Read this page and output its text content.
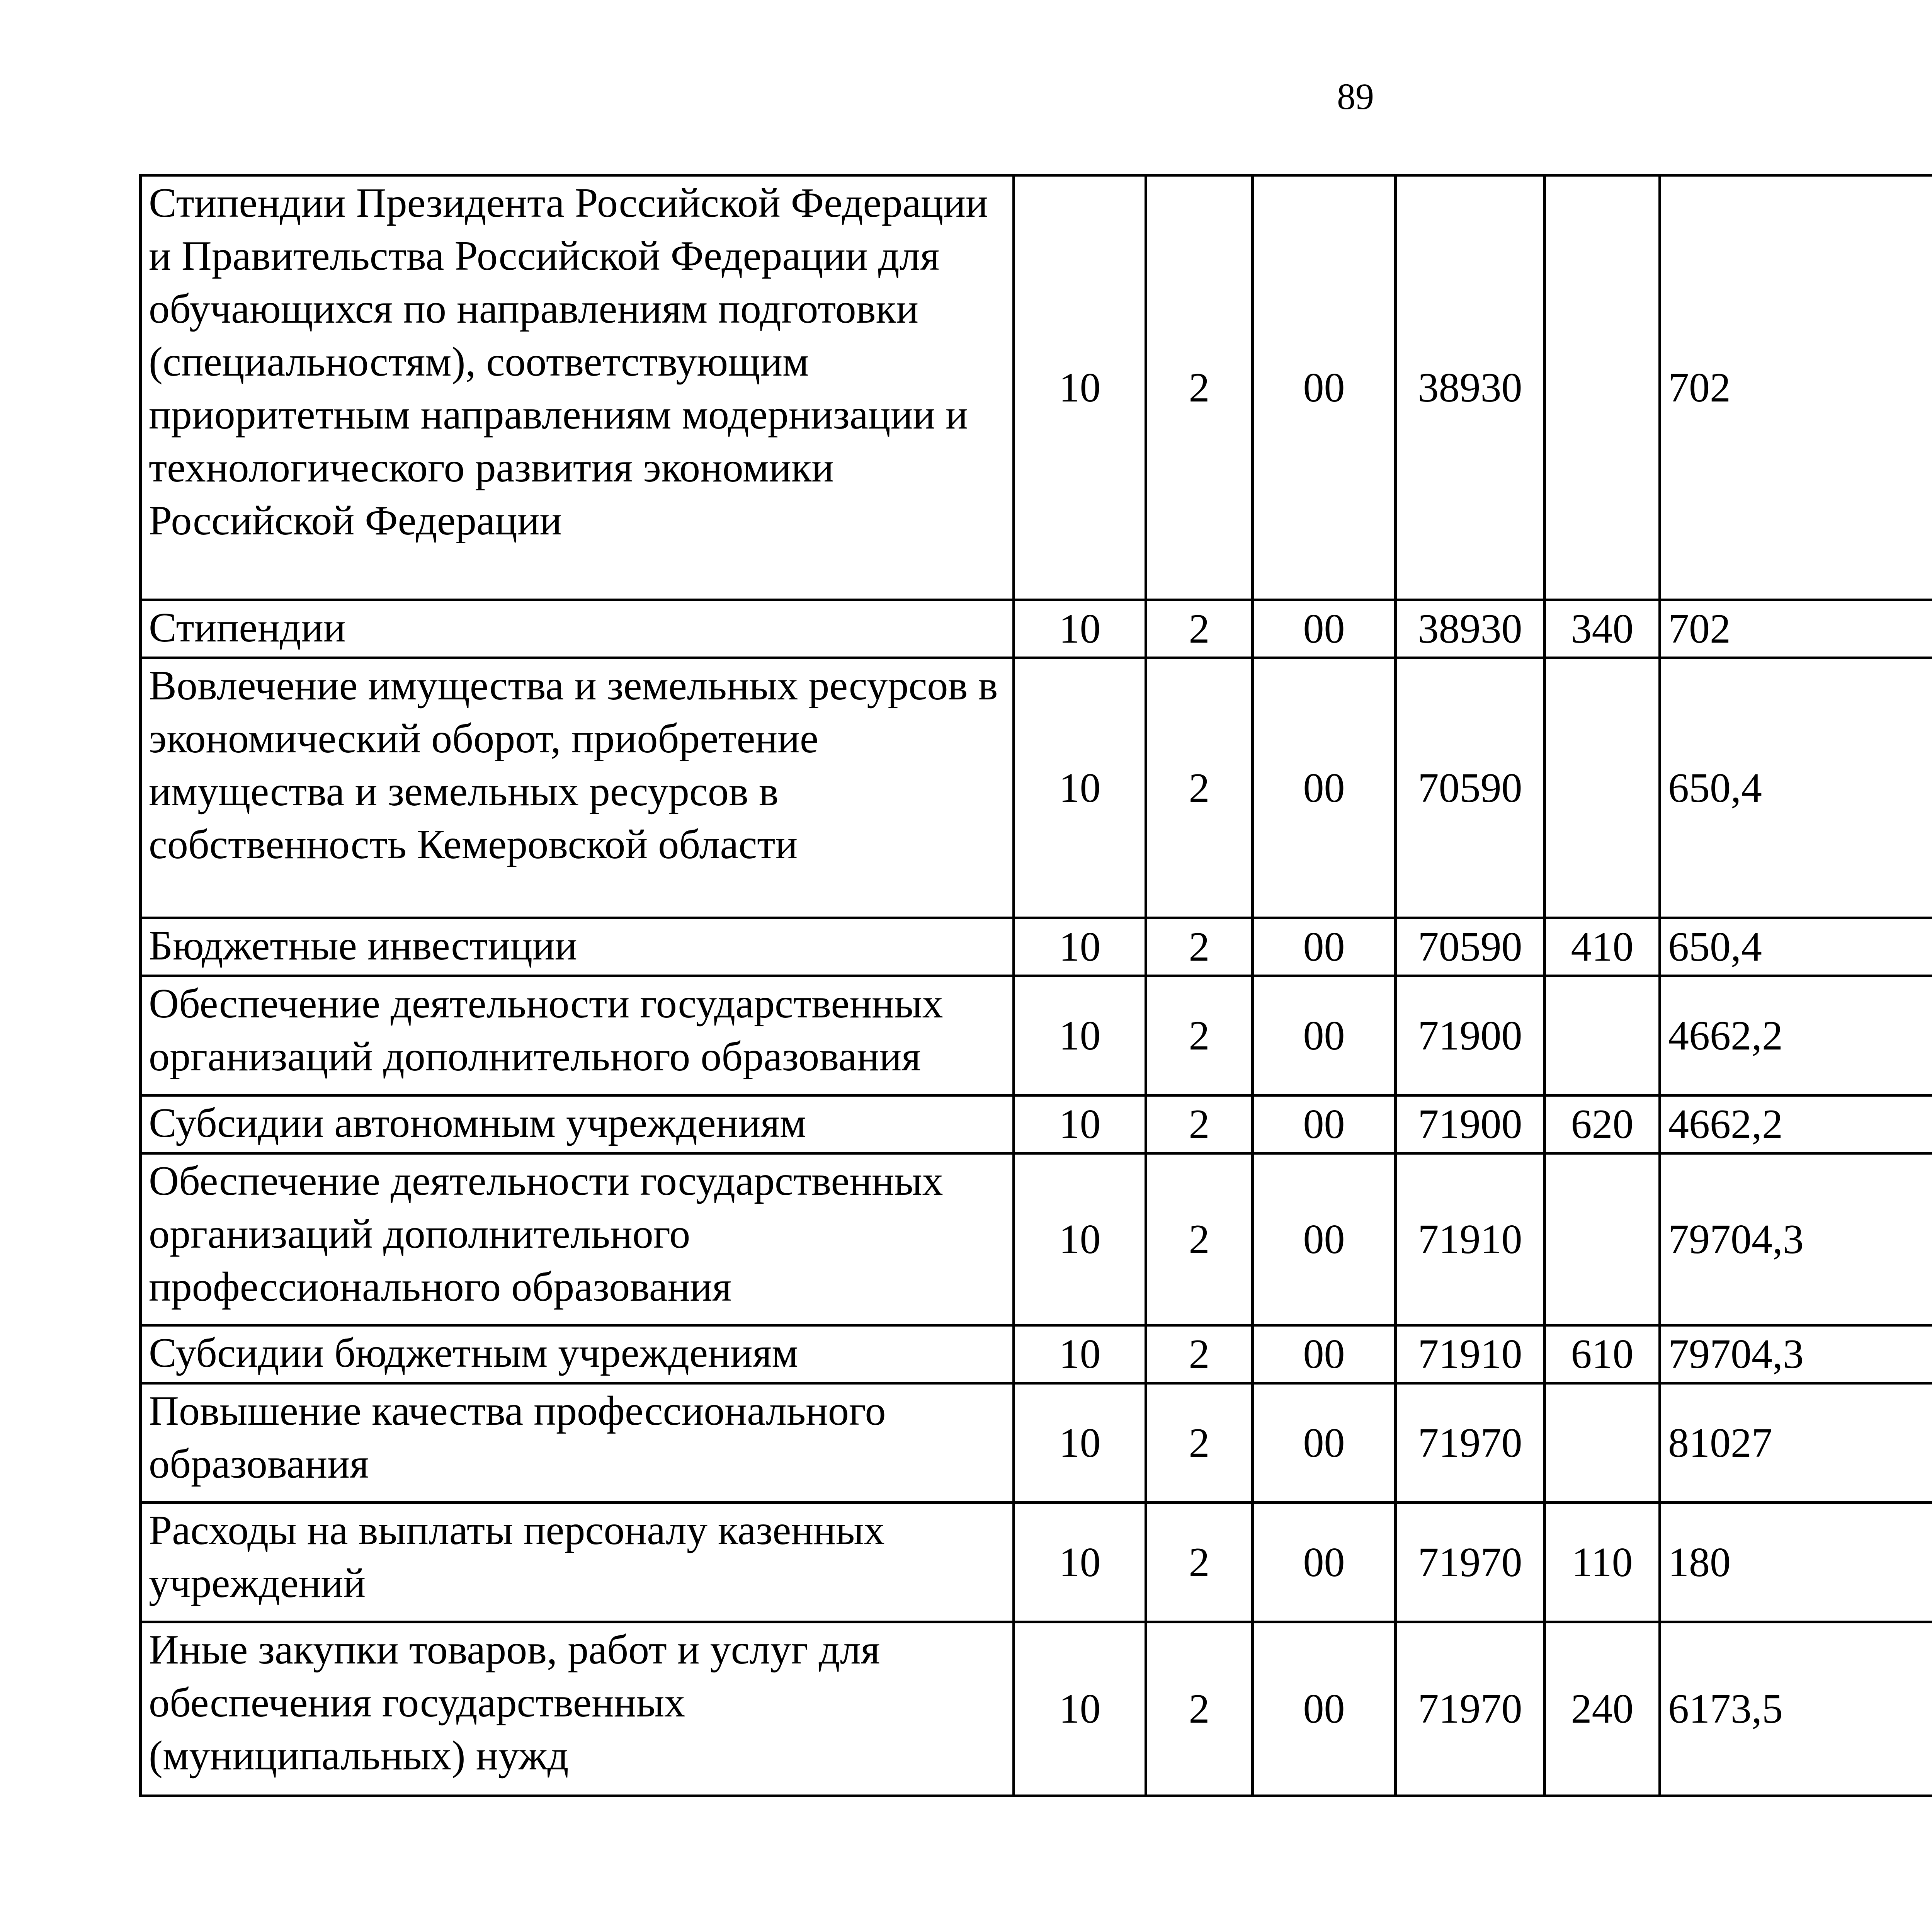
89
Стипендии Президента Российской Федерации и Правительства Российской Федерации для обучающихся по направлениям подготовки (специальностям), соответствующим приоритетным направлениям модернизации и технологического развития экономики Российской Федерации	10	2	00	38930		702		
Стипендии	10	2	00	38930	340	702		
Вовлечение имущества и земельных ресурсов в экономический оборот, приобретение имущества и земельных ресурсов в собственность Кемеровской области	10	2	00	70590		650,4		
Бюджетные инвестиции	10	2	00	70590	410	650,4		
Обеспечение деятельности государственных организаций дополнительного образования	10	2	00	71900		4662,2		
Субсидии автономным учреждениям	10	2	00	71900	620	4662,2		
Обеспечение деятельности государственных организаций дополнительного профессионального образования	10	2	00	71910		79704,3		
Субсидии бюджетным учреждениям	10	2	00	71910	610	79704,3		
Повышение качества профессионального образования	10	2	00	71970		81027		
Расходы на выплаты персоналу казенных учреждений	10	2	00	71970	110	180		
Иные закупки товаров, работ и услуг для обеспечения государственных (муниципальных) нужд	10	2	00	71970	240	6173,5		
